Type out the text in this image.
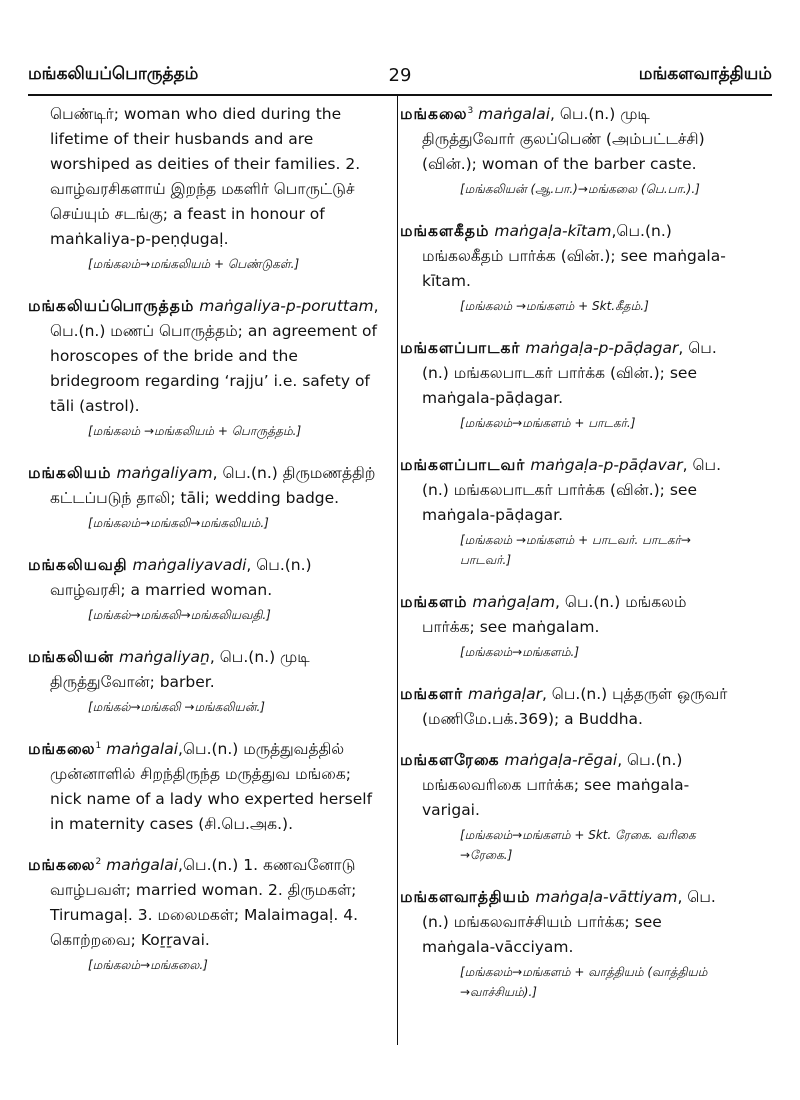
மங்கலியப்பொருத்தம்	29	மங்களவாத்தியம்

பெண்டிர்; woman who died during the lifetime of their husbands and are worshiped as deities of their families. 2. வாழ்வரசிகளாய் இறந்த மகளிர் பொருட்டுச் செய்யும் சடங்கு; a feast in honour of maṅkaliya-p-peṇḍugaḷ.

[மங்கலம்→மங்கலியம் + பெண்டுகள்.]
மங்கலியப்பொருத்தம் maṅgaliya-p-poruttam, பெ.(n.) மணப் பொருத்தம்; an agreement of horoscopes of the bride and the bridegroom regarding ‘rajju’ i.e. safety of tāli (astrol).
[மங்கலம் →மங்கலியம் + பொருத்தம்.]
மங்கலியம் maṅgaliyam, பெ.(n.) திருமணத்திற் கட்டப்படுந் தாலி; tāli; wedding badge.
[மங்கலம்→மங்கலி→மங்கலியம்.]
மங்கலியவதி maṅgaliyavadi, பெ.(n.) வாழ்வரசி; a married woman.
[மங்கல்→மங்கலி→மங்கலியவதி.]
மங்கலியன் maṅgaliyaṉ, பெ.(n.) முடி திருத்துவோன்; barber.
[மங்கல்→மங்கலி →மங்கலியன்.]
மங்கலை$^1$ maṅgalai,பெ.(n.) மருத்துவத்தில் முன்னாளில் சிறந்திருந்த மருத்துவ மங்கை; nick name of a lady who experted herself in maternity cases (சி.பெ.அக.).
மங்கலை$^2$ maṅgalai,பெ.(n.) 1. கணவனோடு வாழ்பவள்; married woman. 2. திருமகள்; Tirumagaḷ. 3. மலைமகள்; Malaimagaḷ. 4. கொற்றவை; Koṟṟavai.
[மங்கலம்→மங்கலை.]
மங்கலை$^3$ maṅgalai, பெ.(n.) முடி திருத்துவோர் குலப்பெண் (அம்பட்டச்சி) (வின்.); woman of the barber caste.
[மங்கலியன் (ஆ.பா.)→மங்கலை (பெ.பா.).]
மங்களகீதம் maṅgaḷa-kītam,பெ.(n.) மங்கலகீதம் பார்க்க (வின்.); see maṅgala-kītam.
[மங்கலம் →மங்களம் + Skt.கீதம்.]
மங்களப்பாடகர் maṅgaḷa-p-pāḍagar, பெ.(n.) மங்கலபாடகர் பார்க்க (வின்.); see maṅgala-pāḍagar.
[மங்கலம்→மங்களம் + பாடகர்.]
மங்களப்பாடவர் maṅgaḷa-p-pāḍavar, பெ.(n.) மங்கலபாடகர் பார்க்க (வின்.); see maṅgala-pāḍagar.
[மங்கலம் →மங்களம் + பாடவர். பாடகர்→ பாடவர்.]
மங்களம் maṅgaḷam, பெ.(n.) மங்கலம் பார்க்க; see maṅgalam.
[மங்கலம்→மங்களம்.]
மங்களர் maṅgaḷar, பெ.(n.) புத்தருள் ஒருவர் (மணிமே.பக்.369); a Buddha.
மங்களரேகை maṅgaḷa-rēgai, பெ.(n.) மங்கலவரிகை பார்க்க; see maṅgala-varigai.
[மங்கலம்→மங்களம் + Skt. ரேகை. வரிகை →ரேகை.]
மங்களவாத்தியம் maṅgaḷa-vāttiyam, பெ.(n.) மங்கலவாச்சியம் பார்க்க; see maṅgala-vācciyam.
[மங்கலம்→மங்களம் + வாத்தியம் (வாத்தியம் →வாச்சியம்).]
